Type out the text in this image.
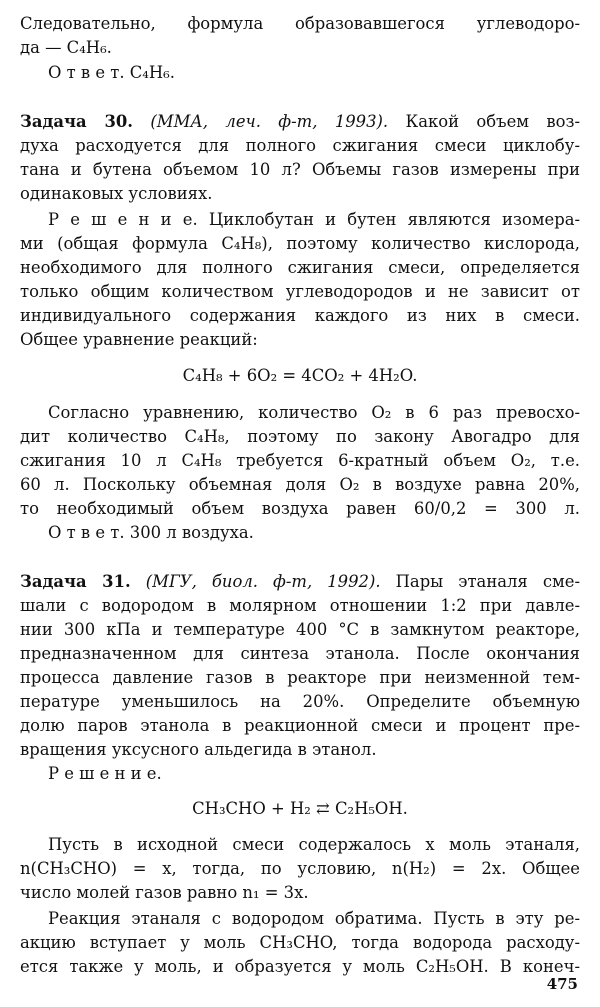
Следовательно, формула образовавшегося углеводоро-
да — C₄H₆.
О т в е т. C₄H₆.
Задача 30. (ММА, леч. ф-т, 1993). Какой объем воз-
духа расходуется для полного сжигания смеси циклобу-
тана и бутена объемом 10 л? Объемы газов измерены при
одинаковых условиях.
Р е ш е н и е. Циклобутан и бутен являются изомера-
ми (общая формула C₄H₈), поэтому количество кислорода,
необходимого для полного сжигания смеси, определяется
только общим количеством углеводородов и не зависит от
индивидуального содержания каждого из них в смеси.
Общее уравнение реакций:
C₄H₈ + 6O₂ = 4CO₂ + 4H₂O.
Согласно уравнению, количество O₂ в 6 раз превосхо-
дит количество C₄H₈, поэтому по закону Авогадро для
сжигания 10 л C₄H₈ требуется 6-кратный объем O₂, т.е.
60 л. Поскольку объемная доля O₂ в воздухе равна 20%,
то необходимый объем воздуха равен 60/0,2 = 300 л.
О т в е т. 300 л воздуха.
Задача 31. (МГУ, биол. ф-т, 1992). Пары этаналя сме-
шали с водородом в молярном отношении 1:2 при давле-
нии 300 кПа и температуре 400 °C в замкнутом реакторе,
предназначенном для синтеза этанола. После окончания
процесса давление газов в реакторе при неизменной тем-
пературе уменьшилось на 20%. Определите объемную
долю паров этанола в реакционной смеси и процент пре-
вращения уксусного альдегида в этанол.
Р е ш е н и е.
CH₃CHO + H₂ ⇄ C₂H₅OH.
Пусть в исходной смеси содержалось x моль этаналя,
n(CH₃CHO) = x, тогда, по условию, n(H₂) = 2x. Общее
число молей газов равно n₁ = 3x.
Реакция этаналя с водородом обратима. Пусть в эту ре-
акцию вступает y моль CH₃CHO, тогда водорода расходу-
ется также y моль, и образуется y моль C₂H₅OH. В конеч-
475
